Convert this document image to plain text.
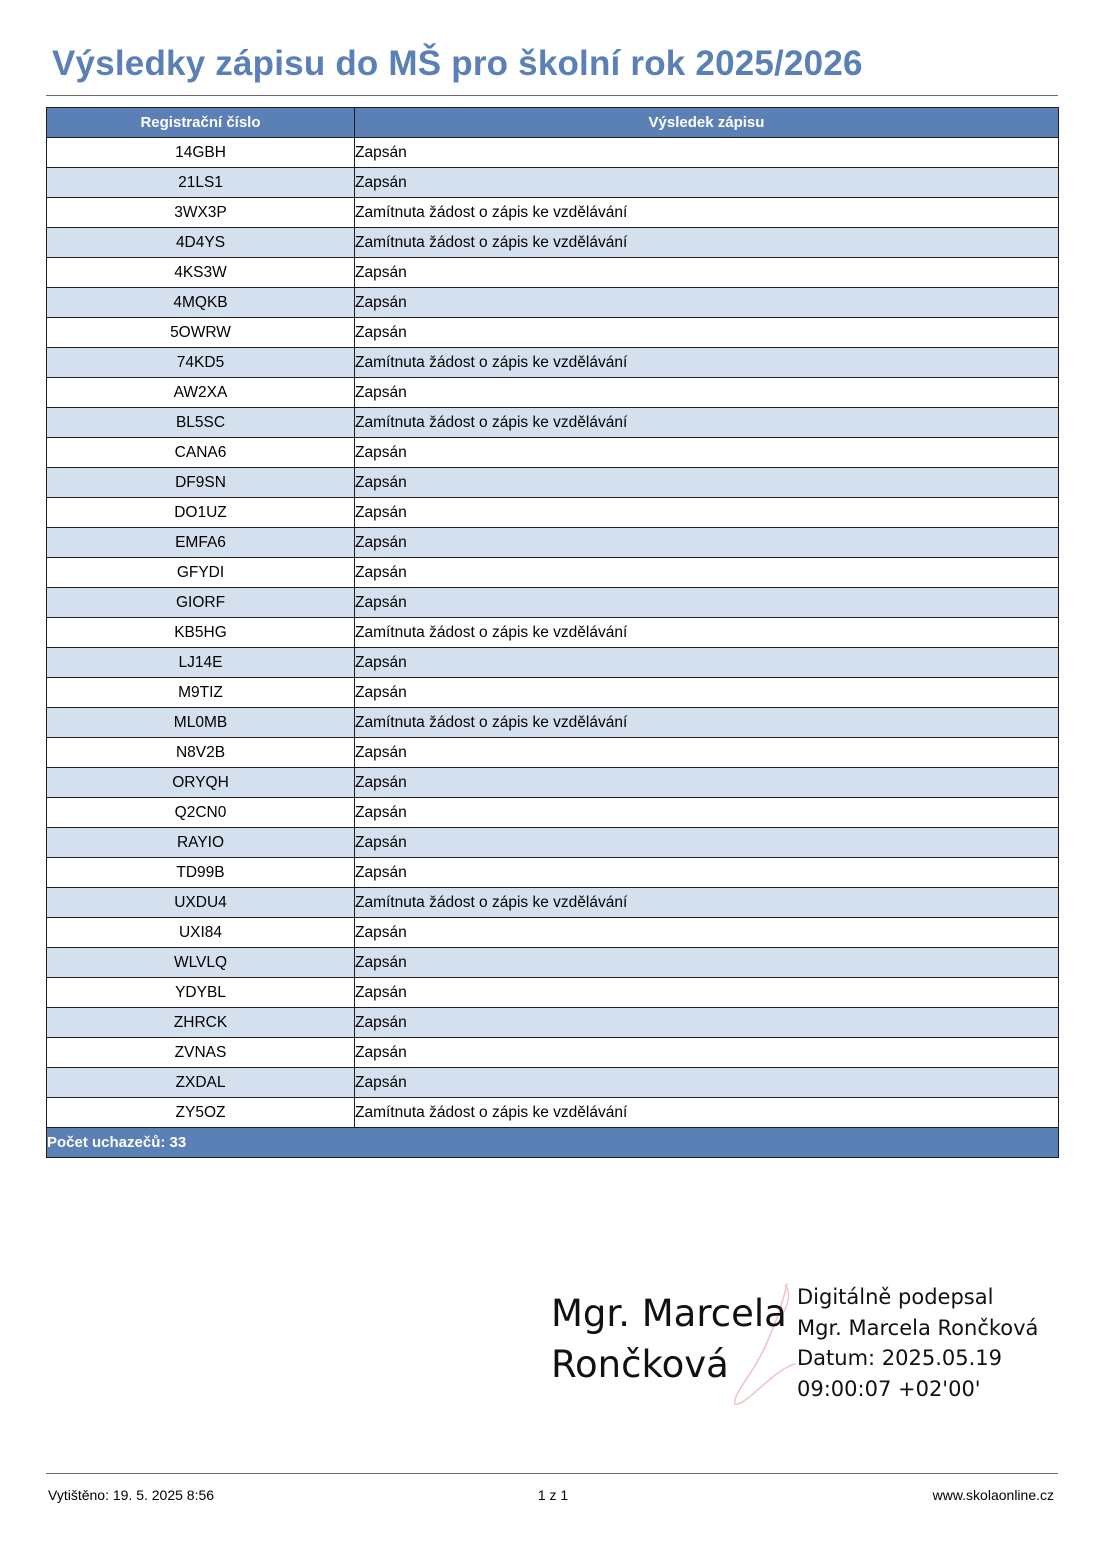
Výsledky zápisu do MŠ pro školní rok 2025/2026
Registrační číslo	Výsledek zápisu
14GBH	Zapsán
21LS1	Zapsán
3WX3P	Zamítnuta žádost o zápis ke vzdělávání
4D4YS	Zamítnuta žádost o zápis ke vzdělávání
4KS3W	Zapsán
4MQKB	Zapsán
5OWRW	Zapsán
74KD5	Zamítnuta žádost o zápis ke vzdělávání
AW2XA	Zapsán
BL5SC	Zamítnuta žádost o zápis ke vzdělávání
CANA6	Zapsán
DF9SN	Zapsán
DO1UZ	Zapsán
EMFA6	Zapsán
GFYDI	Zapsán
GIORF	Zapsán
KB5HG	Zamítnuta žádost o zápis ke vzdělávání
LJ14E	Zapsán
M9TIZ	Zapsán
ML0MB	Zamítnuta žádost o zápis ke vzdělávání
N8V2B	Zapsán
ORYQH	Zapsán
Q2CN0	Zapsán
RAYIO	Zapsán
TD99B	Zapsán
UXDU4	Zamítnuta žádost o zápis ke vzdělávání
UXI84	Zapsán
WLVLQ	Zapsán
YDYBL	Zapsán
ZHRCK	Zapsán
ZVNAS	Zapsán
ZXDAL	Zapsán
ZY5OZ	Zamítnuta žádost o zápis ke vzdělávání
Počet uchazečů: 33	
Mgr. Marcela
Rončková
Digitálně podepsal
Mgr. Marcela Rončková
Datum: 2025.05.19
09:00:07 +02'00'
Vytištěno: 19. 5. 2025 8:56	1 z 1	www.skolaonline.cz
